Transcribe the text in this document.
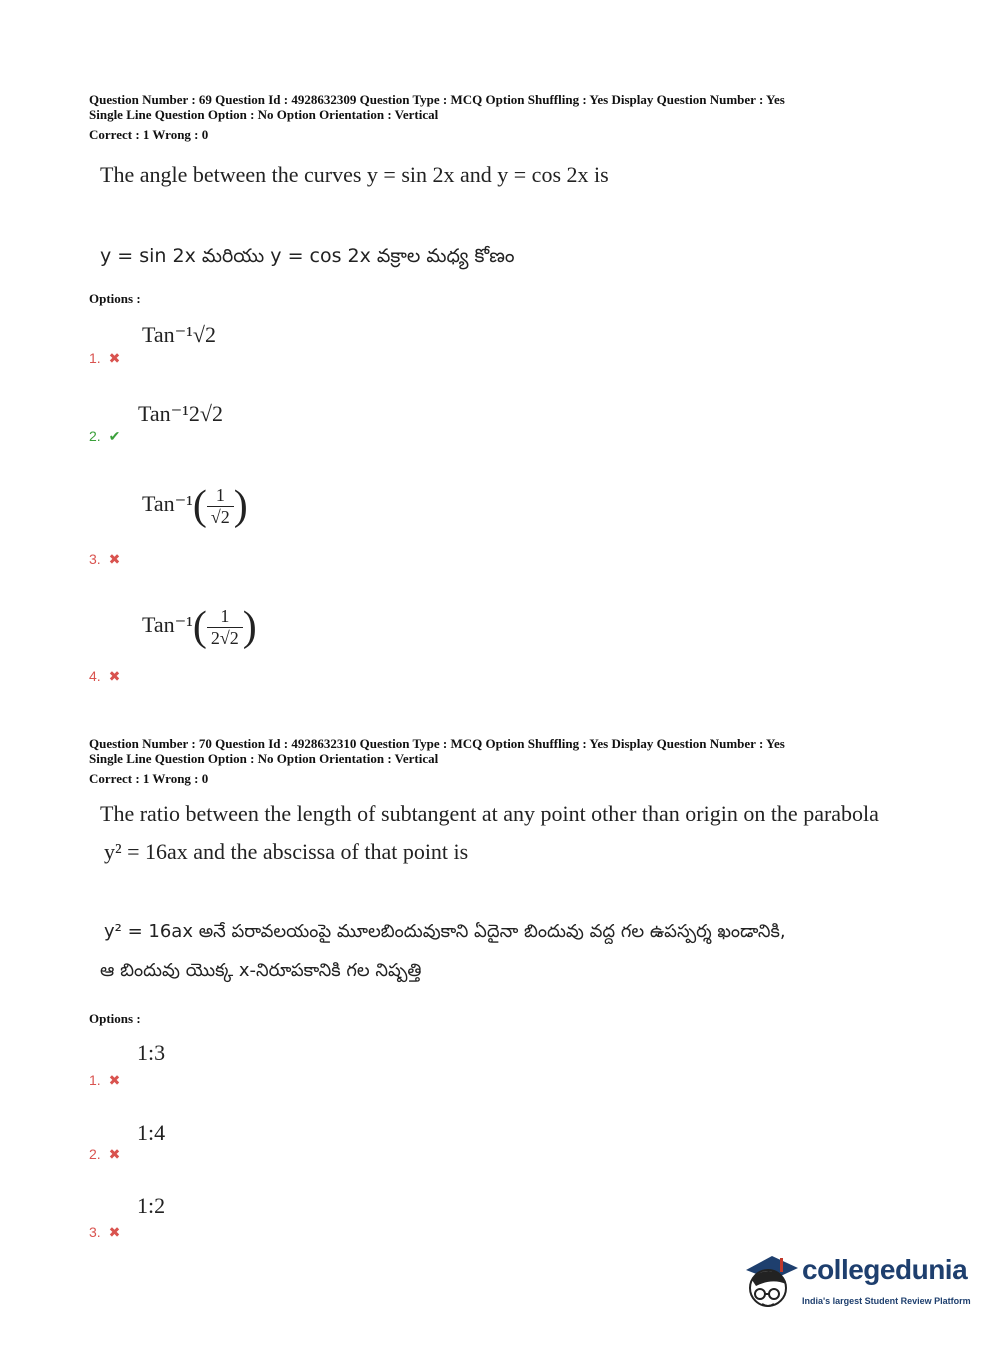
Question Number : 69 Question Id : 4928632309 Question Type : MCQ Option Shuffling : Yes Display Question Number : Yes
Single Line Question Option : No Option Orientation : Vertical
Correct : 1 Wrong : 0
The angle between the curves y = sin 2x and y = cos 2x is
y = sin 2x మరియు y = cos 2x వక్రాల మధ్య కోణం
Options :
Tan⁻¹√2
1. ✖
Tan⁻¹2√2
2. ✔
$Tan^{-1}( \frac{1}{√2}$ )
3. ✖
$Tan^{-1}( \frac{1}{2√2}$ )
4. ✖
Question Number : 70 Question Id : 4928632310 Question Type : MCQ Option Shuffling : Yes Display Question Number : Yes
Single Line Question Option : No Option Orientation : Vertical
Correct : 1 Wrong : 0
The ratio between the length of subtangent at any point other than origin on the parabola
y² = 16ax and the abscissa of that point is
y² = 16ax అనే పరావలయంపై మూలబిందువుకాని ఏదైనా బిందువు వద్ద గల ఉపస్పర్శ ఖండానికి,
ఆ బిందువు యొక్క x-నిరూపకానికి గల నిష్పత్తి
Options :
1:3
1. ✖
1:4
2. ✖
1:2
3. ✖
collegedunia
India's largest Student Review Platform
